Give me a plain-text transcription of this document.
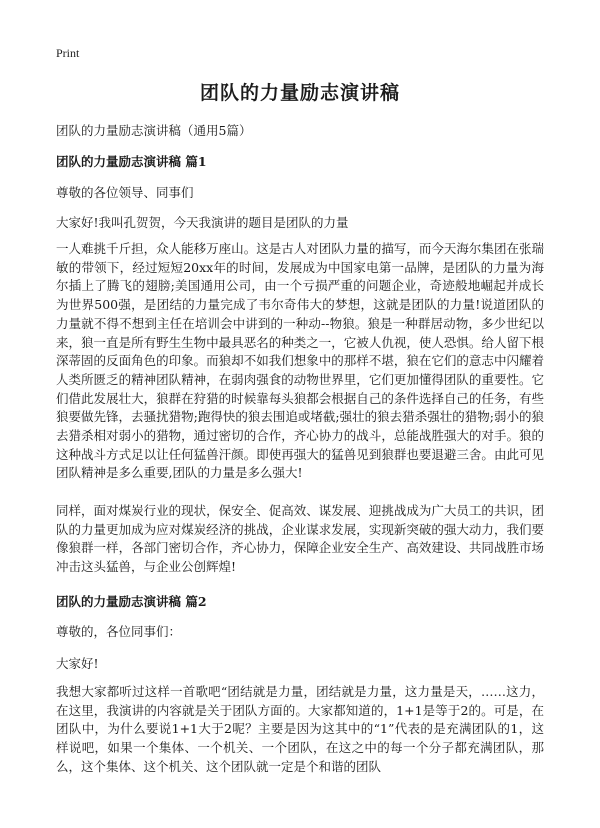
Print
团队的力量励志演讲稿
团队的力量励志演讲稿（通用5篇）
团队的力量励志演讲稿 篇1
尊敬的各位领导、同事们
大家好!我叫孔贺贺，今天我演讲的题目是团队的力量
一人难挑千斤担，众人能移万座山。这是古人对团队力量的描写，而今天海尔集团在张瑞敏的带领下，经过短短20xx年的时间，发展成为中国家电第一品牌，是团队的力量为海尔插上了腾飞的翅膀;美国通用公司，由一个亏损严重的问题企业，奇迹般地崛起并成长为世界500强，是团结的力量完成了韦尔奇伟大的梦想，这就是团队的力量!说道团队的力量就不得不想到主任在培训会中讲到的一种动--物狼。狼是一种群居动物，多少世纪以来，狼一直是所有野生生物中最具恶名的种类之一，它被人仇视，使人恐惧。给人留下根深蒂固的反面角色的印象。而狼却不如我们想象中的那样不堪，狼在它们的意志中闪耀着人类所匮乏的精神团队精神，在弱肉强食的动物世界里，它们更加懂得团队的重要性。它们借此发展壮大，狼群在狩猎的时候靠每头狼都会根据自己的条件选择自己的任务，有些狼要做先锋，去骚扰猎物;跑得快的狼去围追或堵截;强壮的狼去猎杀强壮的猎物;弱小的狼去猎杀相对弱小的猎物，通过密切的合作，齐心协力的战斗，总能战胜强大的对手。狼的这种战斗方式足以让任何猛兽汗颜。即使再强大的猛兽见到狼群也要退避三舍。由此可见团队精神是多么重要,团队的力量是多么强大!
同样，面对煤炭行业的现状，保安全、促高效、谋发展、迎挑战成为广大员工的共识，团队的力量更加成为应对煤炭经济的挑战，企业谋求发展，实现新突破的强大动力，我们要像狼群一样，各部门密切合作，齐心协力，保障企业安全生产、高效建设、共同战胜市场冲击这头猛兽，与企业公创辉煌!
团队的力量励志演讲稿 篇2
尊敬的，各位同事们：
大家好!
我想大家都听过这样一首歌吧“团结就是力量，团结就是力量，这力量是天，……这力，在这里，我演讲的内容就是关于团队方面的。大家都知道的，1+1是等于2的。可是，在团队中，为什么要说1+1大于2呢？主要是因为这其中的“1”代表的是充满团队的1，这样说吧，如果一个集体、一个机关、一个团队，在这之中的每一个分子都充满团队，那么，这个集体、这个机关、这个团队就一定是个和谐的团队
